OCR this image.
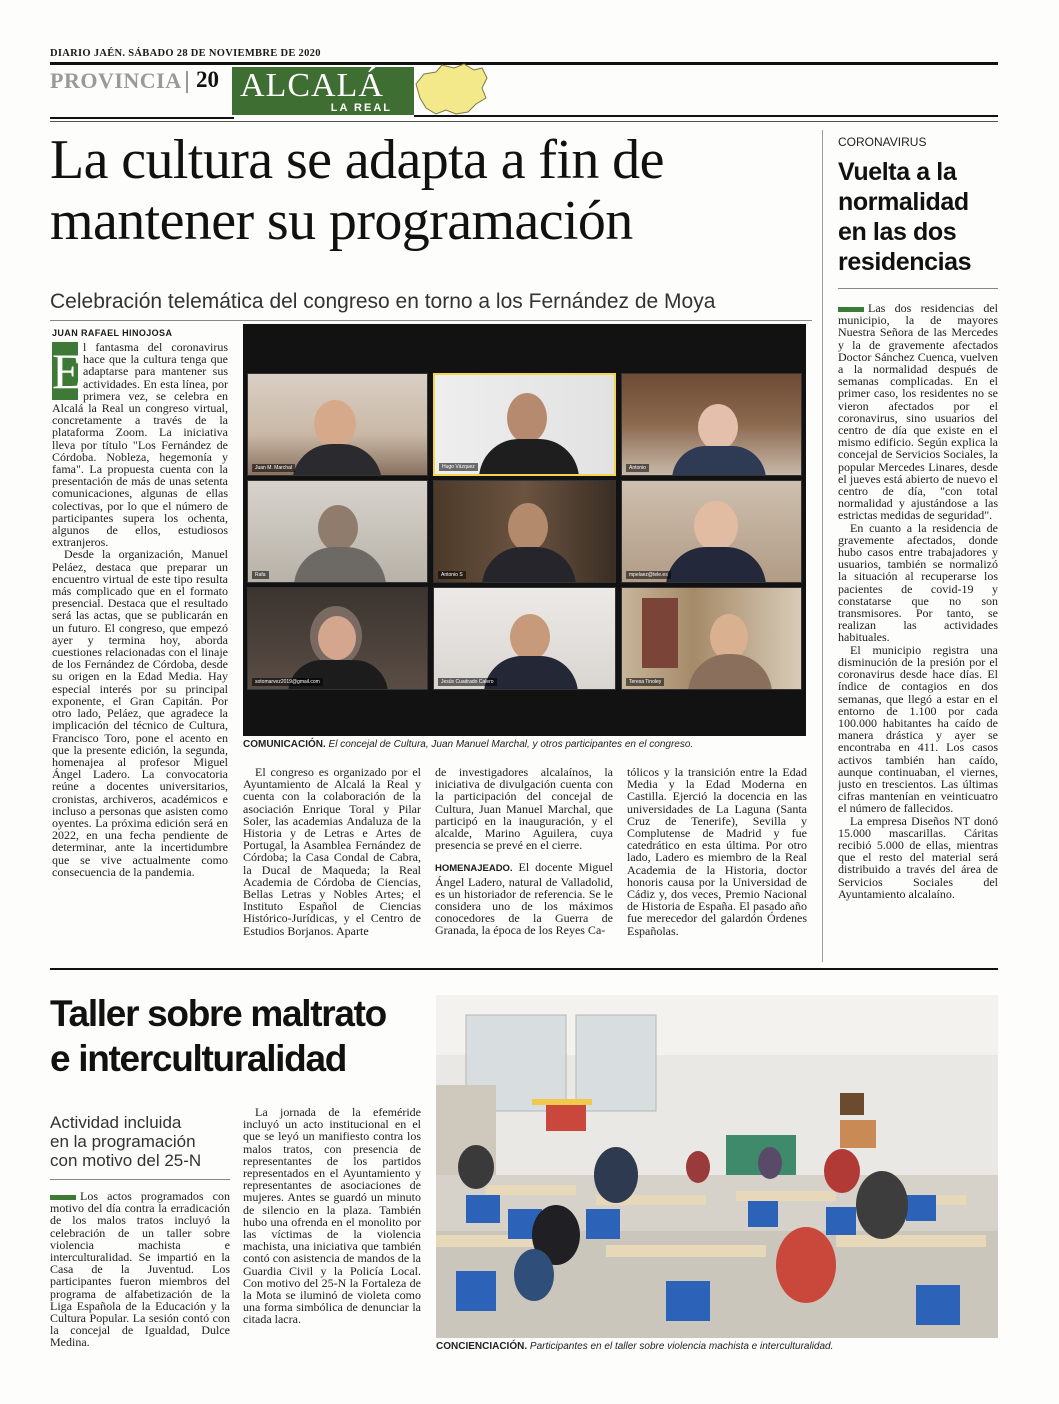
DIARIO JAÉN. SÁBADO 28 DE NOVIEMBRE DE 2020
PROVINCIA 20 ALCALÁ
LA REAL
La cultura se adapta a fin de
mantener su programación
Celebración telemática del congreso en torno a los Fernández de Moya
JUAN RAFAEL HINOJOSA
E l fantasma del coronavirus hace que la cultura tenga que adaptarse para mantener sus actividades. En esta línea, por primera vez, se celebra en Alcalá la Real un congreso virtual, concretamente a través de la plataforma Zoom. La iniciativa lleva por título "Los Fernández de Córdoba. Nobleza, hegemonía y fama". La propuesta cuenta con la presentación de más de unas setenta comunicaciones, algunas de ellas colectivas, por lo que el número de participantes supera los ochenta, algunos de ellos, estudiosos extranjeros.

Desde la organización, Manuel Peláez, destaca que preparar un encuentro virtual de este tipo resulta más complicado que en el formato presencial. Destaca que el resultado será las actas, que se publicarán en un futuro. El congreso, que empezó ayer y termina hoy, aborda cuestiones relacionadas con el linaje de los Fernández de Córdoba, desde su origen en la Edad Media. Hay especial interés por su principal exponente, el Gran Capitán. Por otro lado, Peláez, que agradece la implicación del técnico de Cultura, Francisco Toro, pone el acento en que la presente edición, la segunda, homenajea al profesor Miguel Ángel Ladero. La convocatoria reúne a docentes universitarios, cronistas, archiveros, académicos e incluso a personas que asisten como oyentes. La próxima edición será en 2022, en una fecha pendiente de determinar, ante la incertidumbre que se vive actualmente como consecuencia de la pandemia.

Juan M. Marchal	Hugo Vázquez	Antonio
Rafa	Antonio S	mpelaez@tele.es
sotomarvez2019@gmail.com	Jesús Cuadrado Calero	Teresa Tinoley
COMUNICACIÓN. El concejal de Cultura, Juan Manuel Marchal, y otros participantes en el congreso.

El congreso es organizado por el Ayuntamiento de Alcalá la Real y cuenta con la colaboración de la asociación Enrique Toral y Pilar Soler, las academias Andaluza de la Historia y de Letras e Artes de Portugal, la Asamblea Fernández de Córdoba; la Casa Condal de Cabra, la Ducal de Maqueda; la Real Academia de Córdoba de Ciencias, Bellas Letras y Nobles Artes; el Instituto Español de Ciencias Histórico-Jurídicas, y el Centro de Estudios Borjanos. Aparte

de investigadores alcalaínos, la iniciativa de divulgación cuenta con la participación del concejal de Cultura, Juan Manuel Marchal, que participó en la inauguración, y el alcalde, Marino Aguilera, cuya presencia se prevé en el cierre.

HOMENAJEADO. El docente Miguel Ángel Ladero, natural de Valladolid, es un historiador de referencia. Se le considera uno de los máximos conocedores de la Guerra de Granada, la época de los Reyes Ca-

tólicos y la transición entre la Edad Media y la Edad Moderna en Castilla. Ejerció la docencia en las universidades de La Laguna (Santa Cruz de Tenerife), Sevilla y Complutense de Madrid y fue catedrático en esta última. Por otro lado, Ladero es miembro de la Real Academia de la Historia, doctor honoris causa por la Universidad de Cádiz y, dos veces, Premio Nacional de Historia de España. El pasado año fue merecedor del galardón Órdenes Españolas.

CORONAVIRUS
Vuelta a la
normalidad
en las dos
residencias

Las dos residencias del municipio, la de mayores Nuestra Señora de las Mercedes y la de gravemente afectados Doctor Sánchez Cuenca, vuelven a la normalidad después de semanas complicadas. En el primer caso, los residentes no se vieron afectados por el coronavirus, sino usuarios del centro de día que existe en el mismo edificio. Según explica la concejal de Servicios Sociales, la popular Mercedes Linares, desde el jueves está abierto de nuevo el centro de día, "con total normalidad y ajustándose a las estrictas medidas de seguridad".

En cuanto a la residencia de gravemente afectados, donde hubo casos entre trabajadores y usuarios, también se normalizó la situación al recuperarse los pacientes de covid-19 y constatarse que no son transmisores. Por tanto, se realizan las actividades habituales.

El municipio registra una disminución de la presión por el coronavirus desde hace días. El índice de contagios en dos semanas, que llegó a estar en el entorno de 1.100 por cada 100.000 habitantes ha caído de manera drástica y ayer se encontraba en 411. Los casos activos también han caído, aunque continuaban, el viernes, justo en trescientos. Las últimas cifras mantenían en veinticuatro el número de fallecidos.

La empresa Diseños NT donó 15.000 mascarillas. Cáritas recibió 5.000 de ellas, mientras que el resto del material será distribuido a través del área de Servicios Sociales del Ayuntamiento alcalaíno.

Taller sobre maltrato
e interculturalidad
Actividad incluida
en la programación
con motivo del 25-N

Los actos programados con motivo del día contra la erradicación de los malos tratos incluyó la celebración de un taller sobre violencia machista e interculturalidad. Se impartió en la Casa de la Juventud. Los participantes fueron miembros del programa de alfabetización de la Liga Española de la Educación y la Cultura Popular. La sesión contó con la concejal de Igualdad, Dulce Medina.

La jornada de la efeméride incluyó un acto institucional en el que se leyó un manifiesto contra los malos tratos, con presencia de representantes de los partidos representados en el Ayuntamiento y representantes de asociaciones de mujeres. Antes se guardó un minuto de silencio en la plaza. También hubo una ofrenda en el monolito por las víctimas de la violencia machista, una iniciativa que también contó con asistencia de mandos de la Guardia Civil y la Policía Local. Con motivo del 25-N la Fortaleza de la Mota se iluminó de violeta como una forma simbólica de denunciar la citada lacra.

CONCIENCIACIÓN. Participantes en el taller sobre violencia machista e interculturalidad.
